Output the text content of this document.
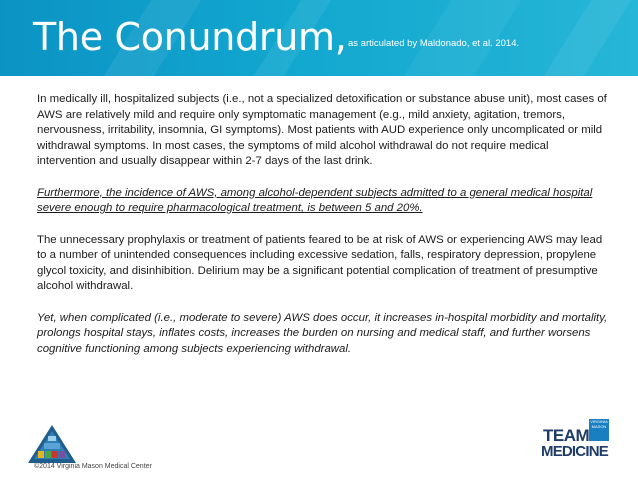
The Conundrum, as articulated by Maldonado, et al. 2014.

In medically ill, hospitalized subjects (i.e., not a specialized detoxification or substance abuse unit), most cases of AWS are relatively mild and require only symptomatic management (e.g., mild anxiety, agitation, tremors, nervousness, irritability, insomnia, GI symptoms). Most patients with AUD experience only uncomplicated or mild withdrawal symptoms. In most cases, the symptoms of mild alcohol withdrawal do not require medical intervention and usually disappear within 2-7 days of the last drink.

Furthermore, the incidence of AWS, among alcohol-dependent subjects admitted to a general medical hospital severe enough to require pharmacological treatment, is between 5 and 20%.

The unnecessary prophylaxis or treatment of patients feared to be at risk of AWS or experiencing AWS may lead to a number of unintended consequences including excessive sedation, falls, respiratory depression, propylene glycol toxicity, and disinhibition. Delirium may be a significant potential complication of treatment of presumptive alcohol withdrawal.

Yet, when complicated (i.e., moderate to severe) AWS does occur, it increases in-hospital morbidity and mortality, prolongs hospital stays, inflates costs, increases the burden on nursing and medical staff, and further worsens cognitive functioning among subjects experiencing withdrawal.

©2014 Virginia Mason Medical Center
TEAM
MEDICINE
VIRGINIA MASON
